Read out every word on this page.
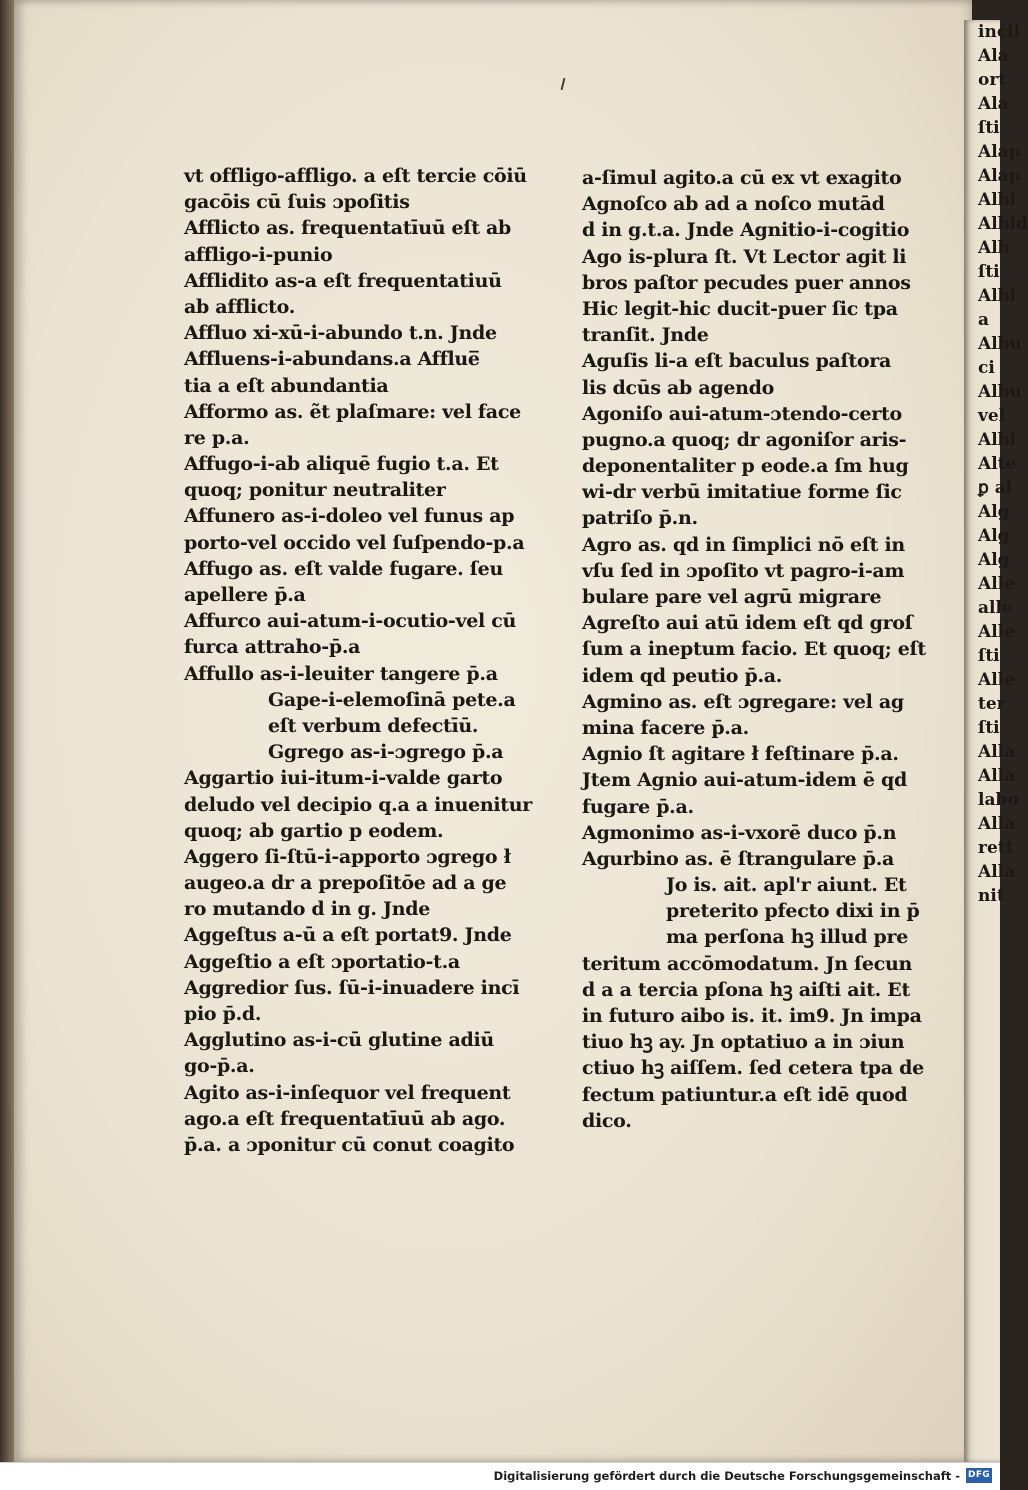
vt offligo-affligo. a eſt tercie cōiū
gacōis cū ſuis ɔpoſitis
Afflicto as. frequentatīuū eſt ab
affligo-i-punio
Afflidito as-a eſt frequentatiuū
ab afflicto.
Affluo xi-xū-i-abundo t.n. Jnde
Affluens-i-abundans.a Afflue̅
tia a eſt abundantia
Afformo as. ẽt plaſmare: vel face
re p.a.
Affugo-i-ab aliquē fugio t.a. Et
quoq; ponitur neutraliter
Affunero as-i-doleo vel funus ap
porto-vel occido vel ſuſpendo-p.a
Affugo as. eſt valde fugare. ſeu
apellere p̄.a
Affurco aui-atum-i-ocutio-vel cū
furca attraho-p̄.a
Affullo as-i-leuiter tangere p̄.a
Gape-i-elemoſinā pete.a
eſt verbum defectīū.
Ggrego as-i-ɔgrego p̄.a
Aggartio iui-itum-i-valde garto
deludo vel decipio q.a a inuenitur
quoq; ab gartio p eodem.
Aggero ſi-ſtū-i-apporto ɔgrego ł
augeo.a dr a prepoſitōe ad a ge
ro mutando d in g. Jnde
Aggeſtus a-ū a eſt portat9. Jnde
Aggeſtio a eſt ɔportatio-t.a
Aggredior ſus. ſū-i-inuadere incī
pio p̄.d.
Agglutino as-i-cū glutine adiū
go-p̄.a.
Agito as-i-inſequor vel frequent
ago.a eſt frequentatīuū ab ago.
p̄.a. a ɔponitur cū conut coagito
a-ſimul agito.a cū ex vt exagito
Agnoſco ab ad a noſco mutād
d in g.t.a. Jnde Agnitio-i-cogitio
Ago is-plura ſt. Vt Lector agit li
bros paſtor pecudes puer annos
Hic legit-hic ducit-puer ſic tpa
tranſit. Jnde
Aguſis li-a eſt baculus paſtora
lis dcūs ab agendo
Agoniſo aui-atum-ɔtendo-certo
pugno.a quoq; dr agoniſor aris-
deponentaliter p eode.a ſm hug
wi-dr verbū imitatiue forme ſic
patriſo p̄.n.
Agro as. qd in ſimplici nō eſt in
vſu ſed in ɔpoſito vt pagro-i-am
bulare pare vel agrū migrare
Agreſto aui atū idem eſt qd groſ
ſum a ineptum facio. Et quoq; eſt
idem qd peutio p̄.a.
Agmino as. eſt ɔgregare: vel ag
mina facere p̄.a.
Agnio ſt agitare ł feſtinare p̄.a.
Jtem Agnio aui-atum-idem ē qd
fugare p̄.a.
Agmonimo as-i-vxorē duco p̄.n
Agurbino as. ē ſtrangulare p̄.a
Jo is. ait. apl'r aiunt. Et
preterito pfecto dixi in p̄
ma perſona hꝫ illud pre
teritum accōmodatum. Jn ſecun
d a a tercia pſona hꝫ aiſti ait. Et
in futuro aibo is. it. im9. Jn impa
tiuo hꝫ ay. Jn optatiuo a in ɔiun
ctiuo hꝫ aiſſem. ſed cetera tpa de
fectum patiuntur.a eſt idē quod
dico.
incli
Ala
ort
Ala
ſti
Alap
Alap
Albi
Albid
Alb
ſti
Albi
a
Albu
ci
Albu
vel
Albi
Alte
ꝑ al
Alg
Alg
Alg
Alle
alle
Alle
ſti
Alle
ter
ſti
Alla
Alla
labo
Alla
rett
Alla
nit
Digitalisierung gefördert durch die Deutsche Forschungsgemeinschaft - DFG
